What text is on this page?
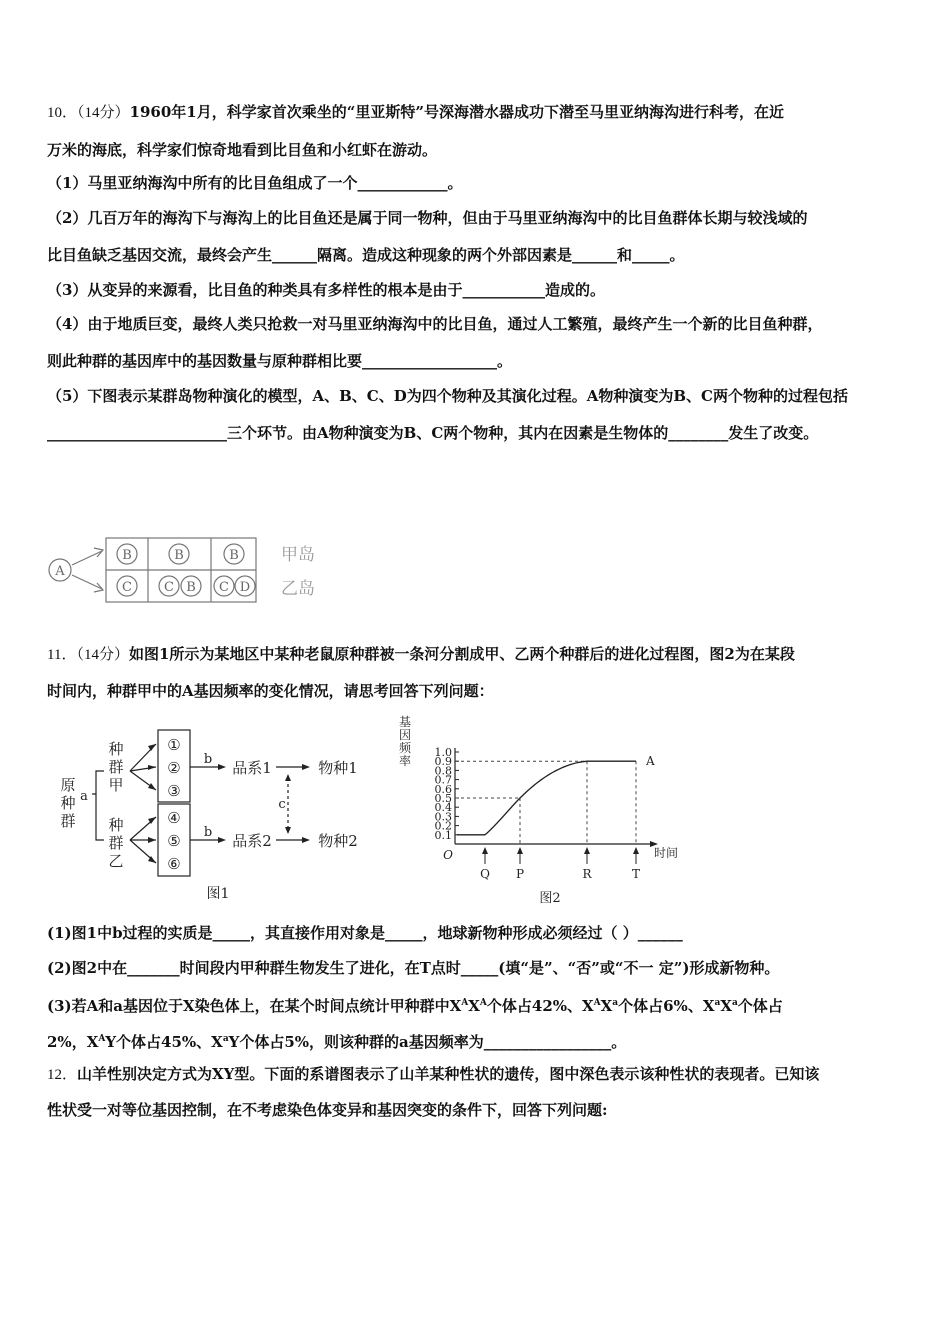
10．（14分）1960年1月，科学家首次乘坐的“里亚斯特”号深海潜水器成功下潜至马里亚纳海沟进行科考，在近
万米的海底，科学家们惊奇地看到比目鱼和小红虾在游动。
（1）马里亚纳海沟中所有的比目鱼组成了一个____________。
（2）几百万年的海沟下与海沟上的比目鱼还是属于同一物种，但由于马里亚纳海沟中的比目鱼群体长期与较浅域的
比目鱼缺乏基因交流，最终会产生______隔离。造成这种现象的两个外部因素是______和_____。
（3）从变异的来源看，比目鱼的种类具有多样性的根本是由于___________造成的。
（4）由于地质巨变，最终人类只抢救一对马里亚纳海沟中的比目鱼，通过人工繁殖，最终产生一个新的比目鱼种群，
则此种群的基因库中的基因数量与原种群相比要__________________。
（5）下图表示某群岛物种演化的模型，A、B、C、D为四个物种及其演化过程。A物种演变为B、C两个物种的过程包括
________________________三个环节。由A物种演变为B、C两个物种，其内在因素是生物体的________发生了改变。
A
B	B	B
C C B C D
甲岛
乙岛
11．（14分）如图1所示为某地区中某种老鼠原种群被一条河分割成甲、乙两个种群后的进化过程图，图2为在某段
时间内，种群甲中的A基因频率的变化情况，请思考回答下列问题：
原
种
群
a
种
群
甲
种
群
乙
①
②
③
④
⑤
⑥
b
b
品系1
品系2
物种1
物种2
c
图1
基
因
频
率
O	时间
图2
0.1
0.2
0.3
0.4
0.5
0.6
0.7
0.8
0.9
1.0
Q P	R	T
A
(1)图1中b过程的实质是_____，其直接作用对象是_____，地球新物种形成必须经过（ ）______
(2)图2中在_______时间段内甲种群生物发生了进化，在T点时_____(填“是”、“否”或“不一 定”)形成新物种。
(3)若A和a基因位于X染色体上，在某个时间点统计甲种群中$X^AX^A$个体占42%、$X^AX^a$个体占6%、$X^aX^a$个体占
2%，$X^AY$个体占45%、$X^aY$个体占5%，则该种群的a基因频率为_________________。
12．山羊性别决定方式为XY型。下面的系谱图表示了山羊某种性状的遗传，图中深色表示该种性状的表现者。已知该
性状受一对等位基因控制，在不考虑染色体变异和基因突变的条件下，回答下列问题:
